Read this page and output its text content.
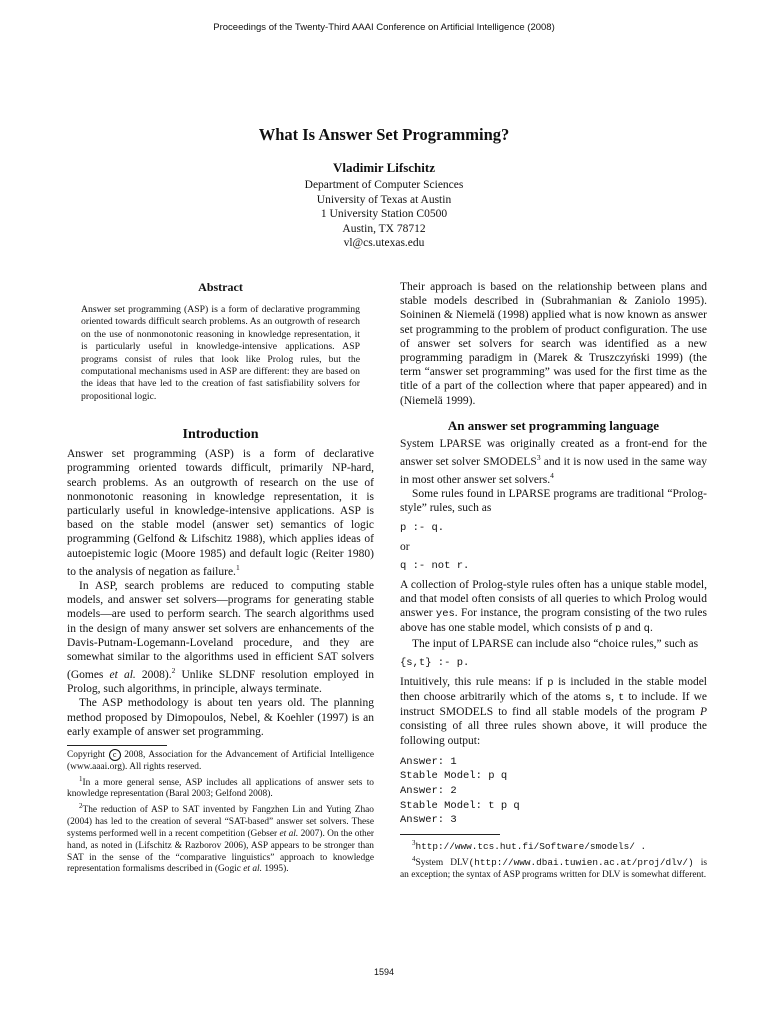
Proceedings of the Twenty-Third AAAI Conference on Artificial Intelligence (2008)
What Is Answer Set Programming?
Vladimir Lifschitz
Department of Computer Sciences
University of Texas at Austin
1 University Station C0500
Austin, TX 78712
vl@cs.utexas.edu
Abstract

Answer set programming (ASP) is a form of declarative programming oriented towards difficult search problems. As an outgrowth of research on the use of nonmonotonic reasoning in knowledge representation, it is particularly useful in knowledge-intensive applications. ASP programs consist of rules that look like Prolog rules, but the computational mechanisms used in ASP are different: they are based on the ideas that have led to the creation of fast satisfiability solvers for propositional logic.

Introduction

Answer set programming (ASP) is a form of declarative programming oriented towards difficult, primarily NP-hard, search problems. As an outgrowth of research on the use of nonmonotonic reasoning in knowledge representation, it is particularly useful in knowledge-intensive applications. ASP is based on the stable model (answer set) semantics of logic programming (Gelfond & Lifschitz 1988), which applies ideas of autoepistemic logic (Moore 1985) and default logic (Reiter 1980) to the analysis of negation as failure.$^1$

In ASP, search problems are reduced to computing stable models, and answer set solvers—programs for generating stable models—are used to perform search. The search algorithms used in the design of many answer set solvers are enhancements of the Davis-Putnam-Logemann-Loveland procedure, and they are somewhat similar to the algorithms used in efficient SAT solvers (Gomes et al. 2008).$^2$ Unlike SLDNF resolution employed in Prolog, such algorithms, in principle, always terminate.

The ASP methodology is about ten years old. The planning method proposed by Dimopoulos, Nebel, & Koehler (1997) is an early example of answer set programming.

Copyright c 2008, Association for the Advancement of Artificial Intelligence (www.aaai.org). All rights reserved.

$^1$In a more general sense, ASP includes all applications of answer sets to knowledge representation (Baral 2003; Gelfond 2008).

$^2$The reduction of ASP to SAT invented by Fangzhen Lin and Yuting Zhao (2004) has led to the creation of several “SAT-based” answer set solvers. These systems performed well in a recent competition (Gebser et al. 2007). On the other hand, as noted in (Lifschitz & Razborov 2006), ASP appears to be stronger than SAT in the sense of the “comparative linguistics” approach to knowledge representation formalisms described in (Gogic et al. 1995).

Their approach is based on the relationship between plans and stable models described in (Subrahmanian & Zaniolo 1995). Soininen & Niemelä (1998) applied what is now known as answer set programming to the problem of product configuration. The use of answer set solvers for search was identified as a new programming paradigm in (Marek & Truszczyński 1999) (the term “answer set programming” was used for the first time as the title of a part of the collection where that paper appeared) and in (Niemelä 1999).

An answer set programming language

System LPARSE was originally created as a front-end for the answer set solver SMODELS$^3$ and it is now used in the same way in most other answer set solvers.$^4$

Some rules found in LPARSE programs are traditional “Prolog-style” rules, such as

p :- q.
or
q :- not r.

A collection of Prolog-style rules often has a unique stable model, and that model often consists of all queries to which Prolog would answer yes. For instance, the program consisting of the two rules above has one stable model, which consists of p and q.

The input of LPARSE can include also “choice rules,” such as

{s,t} :- p.

Intuitively, this rule means: if p is included in the stable model then choose arbitrarily which of the atoms s, t to include. If we instruct SMODELS to find all stable models of the program P consisting of all three rules shown above, it will produce the following output:

Answer: 1
Stable Model: p q
Answer: 2
Stable Model: t p q
Answer: 3

$^3$http://www.tcs.hut.fi/Software/smodels/ .

$^4$System DLV(http://www.dbai.tuwien.ac.at/proj/dlv/) is an exception; the syntax of ASP programs written for DLV is somewhat different.

1594
